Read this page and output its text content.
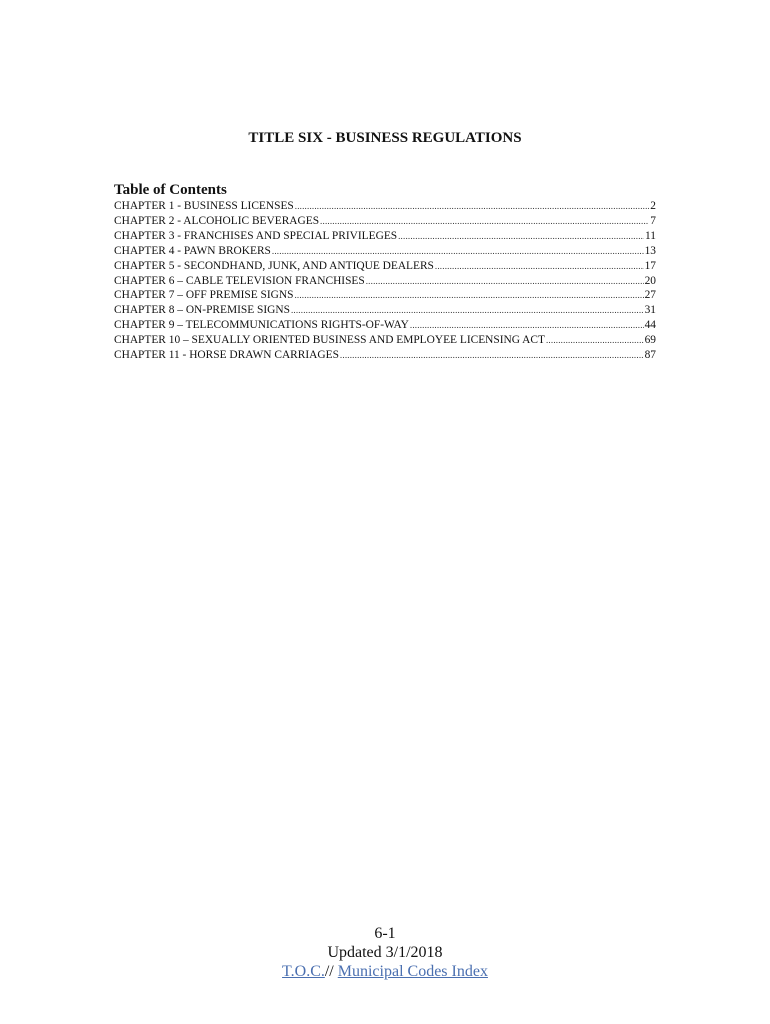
TITLE SIX - BUSINESS REGULATIONS
Table of Contents
CHAPTER 1 - BUSINESS LICENSES .....	2
CHAPTER 2 - ALCOHOLIC BEVERAGES .....	7
CHAPTER 3 - FRANCHISES AND SPECIAL PRIVILEGES .....	11
CHAPTER 4 - PAWN BROKERS .....	13
CHAPTER 5 - SECONDHAND, JUNK, AND ANTIQUE DEALERS .....	17
CHAPTER 6 – CABLE TELEVISION FRANCHISES .....	20
CHAPTER 7 – OFF PREMISE SIGNS .....	27
CHAPTER 8 – ON-PREMISE SIGNS .....	31
CHAPTER 9 – TELECOMMUNICATIONS RIGHTS-OF-WAY .....	44
CHAPTER 10 – SEXUALLY ORIENTED BUSINESS AND EMPLOYEE LICENSING ACT .....	69
CHAPTER 11 - HORSE DRAWN CARRIAGES .....	87
6-1
Updated 3/1/2018
T.O.C.// Municipal Codes Index
